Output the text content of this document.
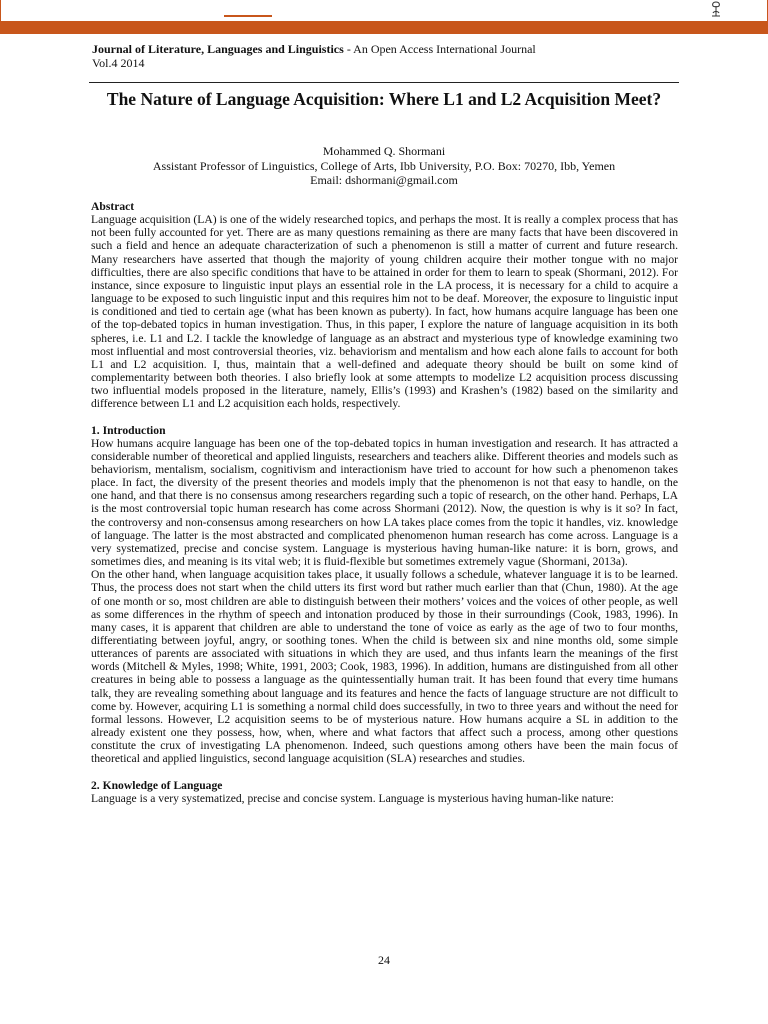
Journal of Literature, Languages and Linguistics - An Open Access International Journal
Vol.4 2014
The Nature of Language Acquisition: Where L1 and L2 Acquisition Meet?
Mohammed Q. Shormani
Assistant Professor of Linguistics, College of Arts, Ibb University, P.O. Box: 70270, Ibb, Yemen
Email: dshormani@gmail.com
Abstract

Language acquisition (LA) is one of the widely researched topics, and perhaps the most. It is really a complex process that has not been fully accounted for yet. There are as many questions remaining as there are many facts that have been discovered in such a field and hence an adequate characterization of such a phenomenon is still a matter of current and future research. Many researchers have asserted that though the majority of young children acquire their mother tongue with no major difficulties, there are also specific conditions that have to be attained in order for them to learn to speak (Shormani, 2012). For instance, since exposure to linguistic input plays an essential role in the LA process, it is necessary for a child to acquire a language to be exposed to such linguistic input and this requires him not to be deaf. Moreover, the exposure to linguistic input is conditioned and tied to certain age (what has been known as puberty). In fact, how humans acquire language has been one of the top-debated topics in human investigation. Thus, in this paper, I explore the nature of language acquisition in its both spheres, i.e. L1 and L2. I tackle the knowledge of language as an abstract and mysterious type of knowledge examining two most influential and most controversial theories, viz. behaviorism and mentalism and how each alone fails to account for both L1 and L2 acquisition. I, thus, maintain that a well-defined and adequate theory should be built on some kind of complementarity between both theories. I also briefly look at some attempts to modelize L2 acquisition process discussing two influential models proposed in the literature, namely, Ellis’s (1993) and Krashen’s (1982) based on the similarity and difference between L1 and L2 acquisition each holds, respectively.

1. Introduction

How humans acquire language has been one of the top-debated topics in human investigation and research. It has attracted a considerable number of theoretical and applied linguists, researchers and teachers alike. Different theories and models such as behaviorism, mentalism, socialism, cognitivism and interactionism have tried to account for how such a phenomenon takes place. In fact, the diversity of the present theories and models imply that the phenomenon is not that easy to handle, on the one hand, and that there is no consensus among researchers regarding such a topic of research, on the other hand. Perhaps, LA is the most controversial topic human research has come across Shormani (2012). Now, the question is why is it so? In fact, the controversy and non-consensus among researchers on how LA takes place comes from the topic it handles, viz. knowledge of language. The latter is the most abstracted and complicated phenomenon human research has come across. Language is a very systematized, precise and concise system. Language is mysterious having human-like nature: it is born, grows, and sometimes dies, and meaning is its vital web; it is fluid-flexible but sometimes extremely vague (Shormani, 2013a).

On the other hand, when language acquisition takes place, it usually follows a schedule, whatever language it is to be learned. Thus, the process does not start when the child utters its first word but rather much earlier than that (Chun, 1980). At the age of one month or so, most children are able to distinguish between their mothers’ voices and the voices of other people, as well as some differences in the rhythm of speech and intonation produced by those in their surroundings (Cook, 1983, 1996). In many cases, it is apparent that children are able to understand the tone of voice as early as the age of two to four months, differentiating between joyful, angry, or soothing tones. When the child is between six and nine months old, some simple utterances of parents are associated with situations in which they are used, and thus infants learn the meanings of the first words (Mitchell & Myles, 1998; White, 1991, 2003; Cook, 1983, 1996). In addition, humans are distinguished from all other creatures in being able to possess a language as the quintessentially human trait. It has been found that every time humans talk, they are revealing something about language and its features and hence the facts of language structure are not difficult to come by. However, acquiring L1 is something a normal child does successfully, in two to three years and without the need for formal lessons. However, L2 acquisition seems to be of mysterious nature. How humans acquire a SL in addition to the already existent one they possess, how, when, where and what factors that affect such a process, among other questions constitute the crux of investigating LA phenomenon. Indeed, such questions among others have been the main focus of theoretical and applied linguistics, second language acquisition (SLA) researches and studies.

2. Knowledge of Language

Language is a very systematized, precise and concise system. Language is mysterious having human-like nature:

24
